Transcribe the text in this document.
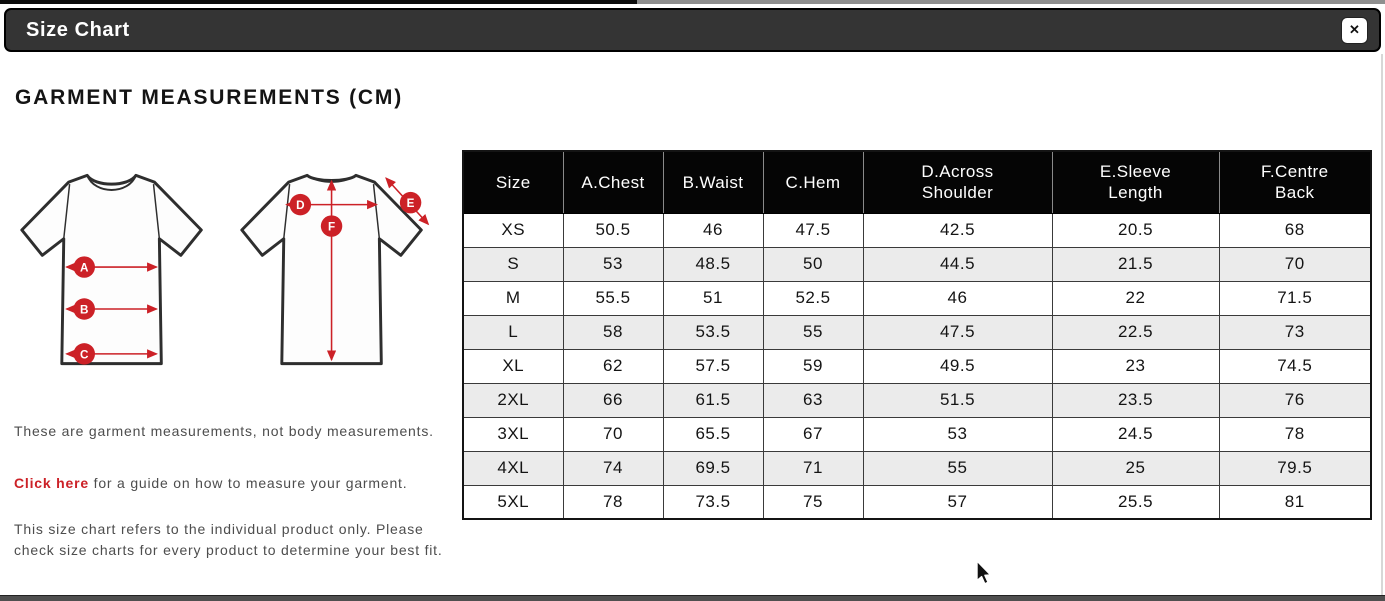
Size Chart	✕
GARMENT MEASUREMENTS (CM)
A
B
C
D
F
E

These are garment measurements, not body measurements.

Click here for a guide on how to measure your garment.

This size chart refers to the individual product only. Please check size charts for every product to determine your best fit.

Size	A.Chest	B.Waist	C.Hem	D.Across Shoulder	E.Sleeve Length	F.Centre Back
XS	50.5	46	47.5	42.5	20.5	68
S	53	48.5	50	44.5	21.5	70
M	55.5	51	52.5	46	22	71.5
L	58	53.5	55	47.5	22.5	73
XL	62	57.5	59	49.5	23	74.5
2XL	66	61.5	63	51.5	23.5	76
3XL	70	65.5	67	53	24.5	78
4XL	74	69.5	71	55	25	79.5
5XL	78	73.5	75	57	25.5	81
